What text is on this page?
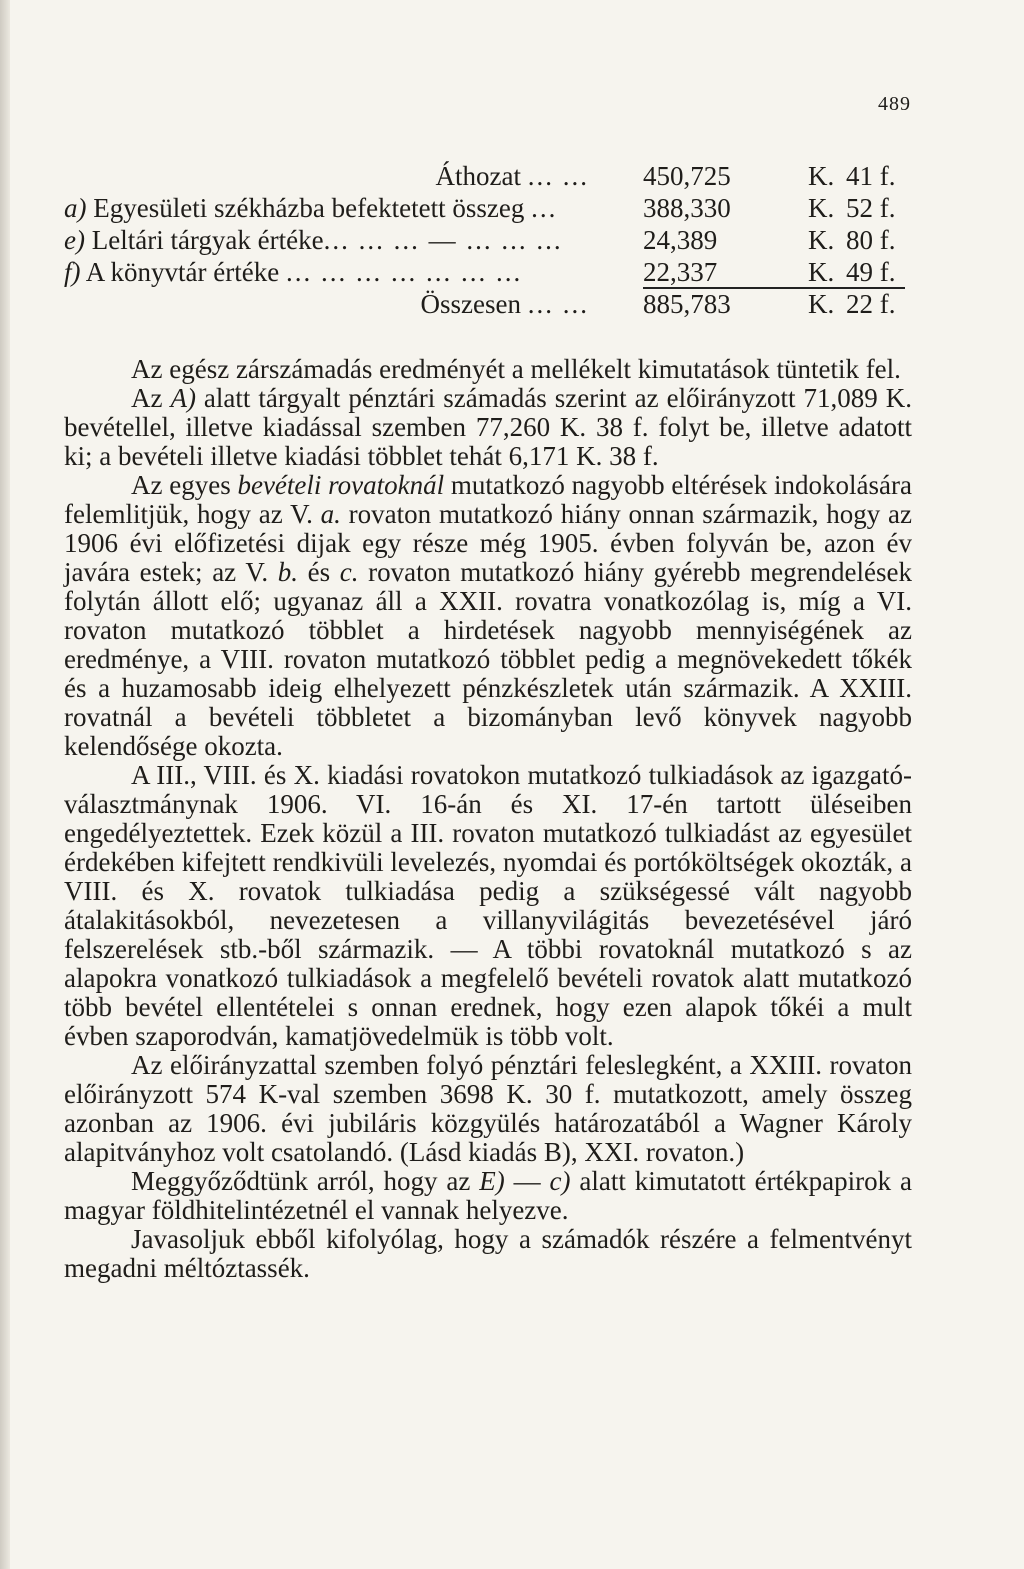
489
Áthozat ... ... 450,725	K. 41 f.
a) Egyesületi székházba befektetett összeg ...	388,330	K. 52 f.
e) Leltári tárgyak értéke... ... ... — ... ... ...	24,389	K. 80 f.
f) A könyvtár értéke ... ... ... ... ... ... ...	22,337	K. 49 f.
Összesen ... ... 885,783	K. 22 f.

Az egész zárszámadás eredményét a mellékelt kimutatások tüntetik fel.

Az A) alatt tárgyalt pénztári számadás szerint az előirányzott 71,089 K. bevétellel, illetve kiadással szemben 77,260 K. 38 f. folyt be, illetve adatott ki; a bevételi illetve kiadási többlet tehát 6,171 K. 38 f.

Az egyes bevételi rovatoknál mutatkozó nagyobb eltérések indokolására felemlitjük, hogy az V. a. rovaton mutatkozó hiány onnan származik, hogy az 1906 évi előfizetési dijak egy része még 1905. évben folyván be, azon év javára estek; az V. b. és c. rovaton mutatkozó hiány gyérebb megrendelések folytán állott elő; ugyanaz áll a XXII. rovatra vonatkozólag is, míg a VI. rovaton mutatkozó többlet a hirdetések nagyobb mennyiségének az eredménye, a VIII. rovaton mutatkozó többlet pedig a megnövekedett tőkék és a huzamosabb ideig elhelyezett pénzkészletek után származik. A XXIII. rovatnál a bevételi többletet a bizományban levő könyvek nagyobb kelendősége okozta.

A III., VIII. és X. kiadási rovatokon mutatkozó tulkiadások az igazgató-választmánynak 1906. VI. 16-án és XI. 17-én tartott üléseiben engedélyeztettek. Ezek közül a III. rovaton mutatkozó tulkiadást az egyesület érdekében kifejtett rendkivüli levelezés, nyomdai és portóköltségek okozták, a VIII. és X. rovatok tulkiadása pedig a szükségessé vált nagyobb átalakitásokból, nevezetesen a villanyvilágitás bevezetésével járó felszerelések stb.-ből származik. — A többi rovatoknál mutatkozó s az alapokra vonatkozó tulkiadások a megfelelő bevételi rovatok alatt mutatkozó több bevétel ellentételei s onnan erednek, hogy ezen alapok tőkéi a mult évben szaporodván, kamatjövedelmük is több volt.

Az előirányzattal szemben folyó pénztári feleslegként, a XXIII. rovaton előirányzott 574 K-val szemben 3698 K. 30 f. mutatkozott, amely összeg azonban az 1906. évi jubiláris közgyülés határozatából a Wagner Károly alapitványhoz volt csatolandó. (Lásd kiadás B), XXI. rovaton.)

Meggyőződtünk arról, hogy az E) — c) alatt kimutatott értékpapirok a magyar földhitelintézetnél el vannak helyezve.

Javasoljuk ebből kifolyólag, hogy a számadók részére a felmentvényt megadni méltóztassék.
